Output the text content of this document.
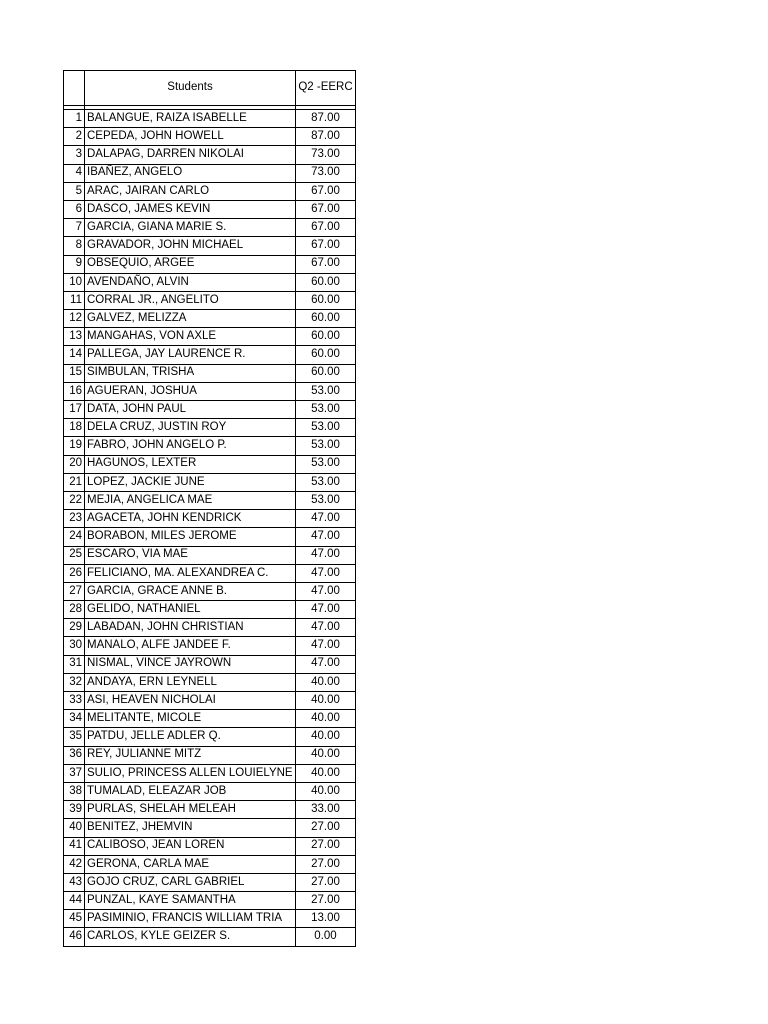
	Students	Q2 -EERC

1	BALANGUE, RAIZA ISABELLE	87.00
2	CEPEDA, JOHN HOWELL	87.00
3	DALAPAG, DARREN NIKOLAI	73.00
4	IBAÑEZ, ANGELO	73.00
5	ARAC, JAIRAN CARLO	67.00
6	DASCO, JAMES KEVIN	67.00
7	GARCIA, GIANA MARIE S.	67.00
8	GRAVADOR, JOHN MICHAEL	67.00
9	OBSEQUIO, ARGEE	67.00
10	AVENDAÑO, ALVIN	60.00
11	CORRAL JR., ANGELITO	60.00
12	GALVEZ, MELIZZA	60.00
13	MANGAHAS, VON AXLE	60.00
14	PALLEGA, JAY LAURENCE R.	60.00
15	SIMBULAN, TRISHA	60.00
16	AGUERAN, JOSHUA	53.00
17	DATA, JOHN PAUL	53.00
18	DELA CRUZ, JUSTIN ROY	53.00
19	FABRO, JOHN ANGELO P.	53.00
20	HAGUNOS, LEXTER	53.00
21	LOPEZ, JACKIE JUNE	53.00
22	MEJIA, ANGELICA MAE	53.00
23	AGACETA, JOHN KENDRICK	47.00
24	BORABON, MILES JEROME	47.00
25	ESCARO, VIA MAE	47.00
26	FELICIANO, MA. ALEXANDREA C.	47.00
27	GARCIA, GRACE ANNE B.	47.00
28	GELIDO, NATHANIEL	47.00
29	LABADAN, JOHN CHRISTIAN	47.00
30	MANALO, ALFE JANDEE F.	47.00
31	NISMAL, VINCE JAYROWN	47.00
32	ANDAYA, ERN LEYNELL	40.00
33	ASI, HEAVEN NICHOLAI	40.00
34	MELITANTE, MICOLE	40.00
35	PATDU, JELLE ADLER Q.	40.00
36	REY, JULIANNE MITZ	40.00
37	SULIO, PRINCESS ALLEN LOUIELYNE	40.00
38	TUMALAD, ELEAZAR JOB	40.00
39	PURLAS, SHELAH MELEAH	33.00
40	BENITEZ, JHEMVIN	27.00
41	CALIBOSO, JEAN LOREN	27.00
42	GERONA, CARLA MAE	27.00
43	GOJO CRUZ, CARL GABRIEL	27.00
44	PUNZAL, KAYE SAMANTHA	27.00
45	PASIMINIO, FRANCIS WILLIAM TRIA	13.00
46	CARLOS, KYLE GEIZER S.	0.00
